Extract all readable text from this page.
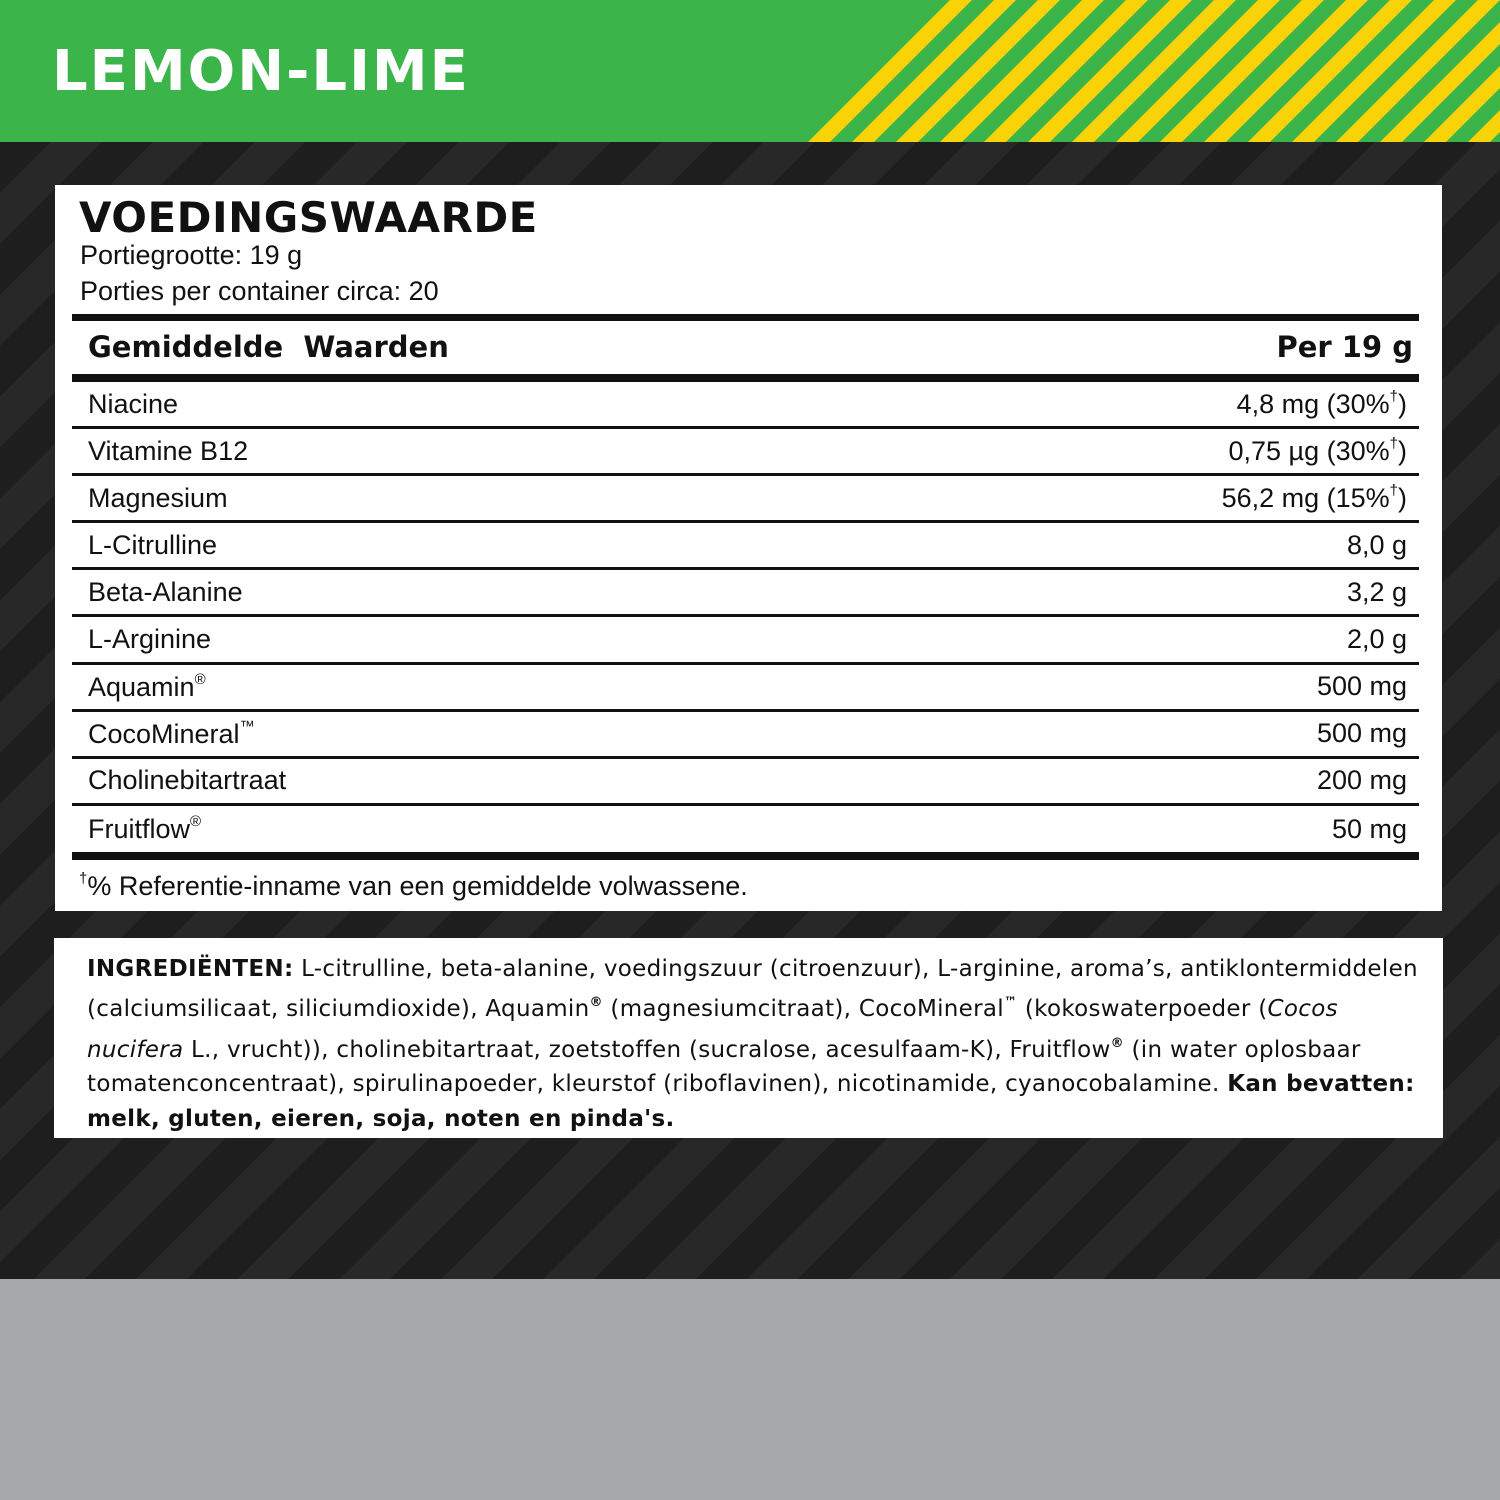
LEMON-LIME
VOEDINGSWAARDE
Portiegrootte: 19 g
Porties per container circa: 20
Gemiddelde  Waarden	Per 19 g
Niacine	4,8 mg (30%†)
Vitamine B12	0,75 µg (30%†)
Magnesium	56,2 mg (15%†)
L-Citrulline	8,0 g
Beta-Alanine	3,2 g
L-Arginine	2,0 g
Aquamin®	500 mg
CocoMineral™	500 mg
Cholinebitartraat	200 mg
Fruitflow®	50 mg
†% Referentie-inname van een gemiddelde volwassene.
INGREDIËNTEN: L-citrulline, beta-alanine, voedingszuur (citroenzuur), L-arginine, aroma’s, antiklontermiddelen (calciumsilicaat, siliciumdioxide), Aquamin® (magnesiumcitraat), CocoMineral™ (kokoswaterpoeder (Cocos nucifera L., vrucht)), cholinebitartraat, zoetstoffen (sucralose, acesulfaam-K), Fruitflow® (in water oplosbaar tomatenconcentraat), spirulinapoeder, kleurstof (riboflavinen), nicotinamide, cyanocobalamine. Kan bevatten: melk, gluten, eieren, soja, noten en pinda's.
